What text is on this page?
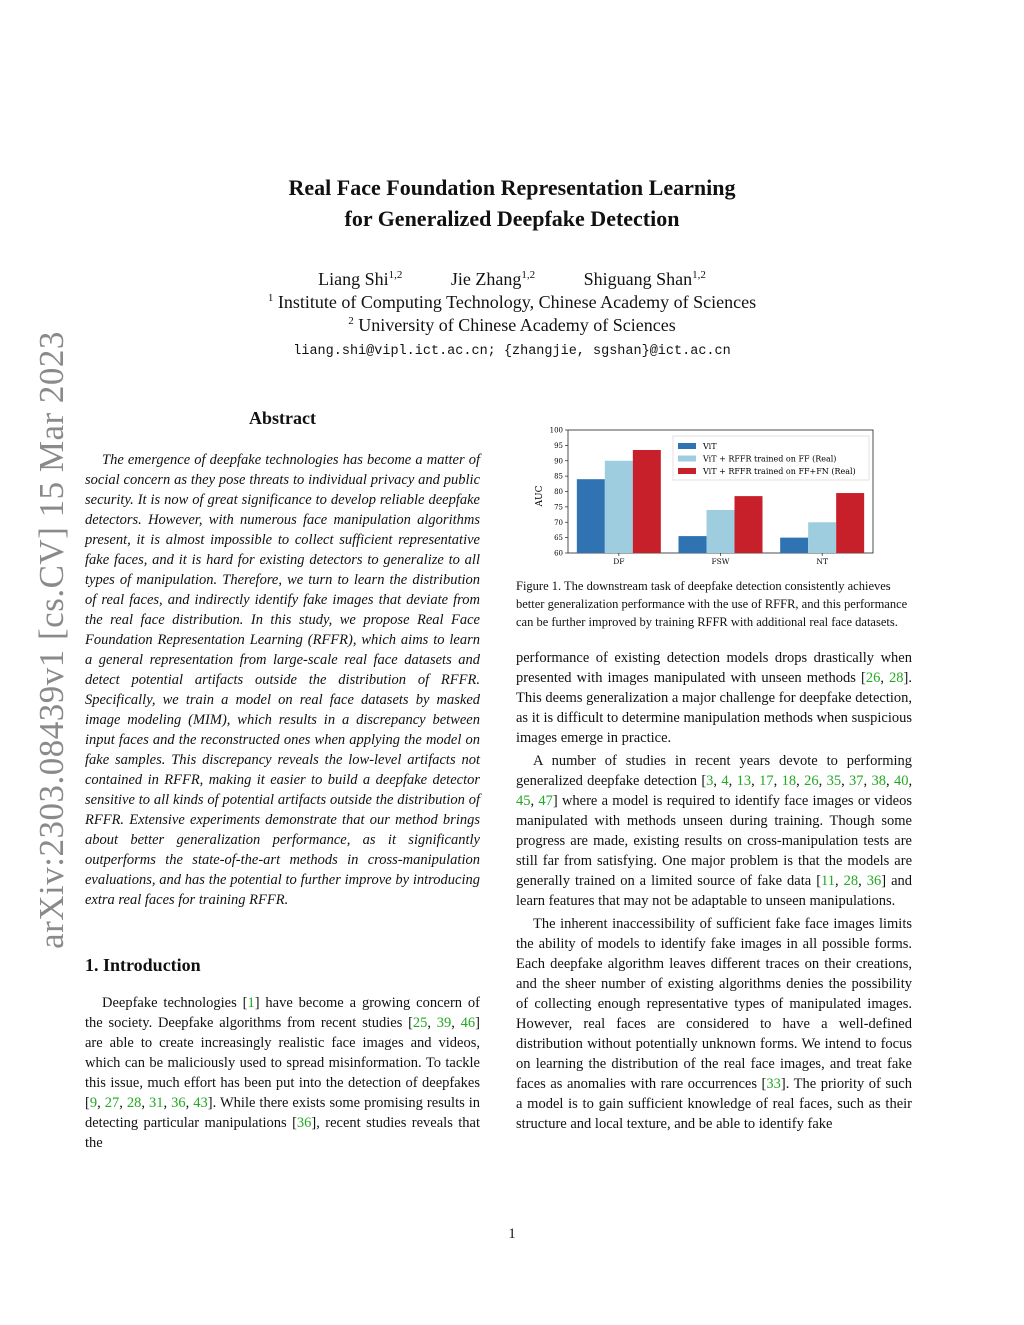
arXiv:2303.08439v1 [cs.CV] 15 Mar 2023
Real Face Foundation Representation Learning
for Generalized Deepfake Detection
Liang Shi$^{1,2}$	Jie Zhang$^{1,2}$	Shiguang Shan$^{1,2}$
$^1$ Institute of Computing Technology, Chinese Academy of Sciences
$^2$ University of Chinese Academy of Sciences
liang.shi@vipl.ict.ac.cn; {zhangjie, sgshan}@ict.ac.cn
Abstract

The emergence of deepfake technologies has become a matter of social concern as they pose threats to individual privacy and public security. It is now of great significance to develop reliable deepfake detectors. However, with numerous face manipulation algorithms present, it is almost impossible to collect sufficient representative fake faces, and it is hard for existing detectors to generalize to all types of manipulation. Therefore, we turn to learn the distribution of real faces, and indirectly identify fake images that deviate from the real face distribution. In this study, we propose Real Face Foundation Representation Learning (RFFR), which aims to learn a general representation from large-scale real face datasets and detect potential artifacts outside the distribution of RFFR. Specifically, we train a model on real face datasets by masked image modeling (MIM), which results in a discrepancy between input faces and the reconstructed ones when applying the model on fake samples. This discrepancy reveals the low-level artifacts not contained in RFFR, making it easier to build a deepfake detector sensitive to all kinds of potential artifacts outside the distribution of RFFR. Extensive experiments demonstrate that our method brings about better generalization performance, as it significantly outperforms the state-of-the-art methods in cross-manipulation evaluations, and has the potential to further improve by introducing extra real faces for training RFFR.

1. Introduction

Deepfake technologies [1] have become a growing concern of the society. Deepfake algorithms from recent studies [25, 39, 46] are able to create increasingly realistic face images and videos, which can be maliciously used to spread misinformation. To tackle this issue, much effort has been put into the detection of deepfakes [9, 27, 28, 31, 36, 43]. While there exists some promising results in detecting particular manipulations [36], recent studies reveals that the

60
65
70
75
80
85
90
95
100
DF	FSW	NT
ViT
ViT + RFFR trained on FF (Real)
ViT + RFFR trained on FF+FN (Real)
AUC

Figure 1. The downstream task of deepfake detection consistently achieves better generalization performance with the use of RFFR, and this performance can be further improved by training RFFR with additional real face datasets.

performance of existing detection models drops drastically when presented with images manipulated with unseen methods [26, 28]. This deems generalization a major challenge for deepfake detection, as it is difficult to determine manipulation methods when suspicious images emerge in practice.

A number of studies in recent years devote to performing generalized deepfake detection [3, 4, 13, 17, 18, 26, 35, 37, 38, 40, 45, 47] where a model is required to identify face images or videos manipulated with methods unseen during training. Though some progress are made, existing results on cross-manipulation tests are still far from satisfying. One major problem is that the models are generally trained on a limited source of fake data [11, 28, 36] and learn features that may not be adaptable to unseen manipulations.

The inherent inaccessibility of sufficient fake face images limits the ability of models to identify fake images in all possible forms. Each deepfake algorithm leaves different traces on their creations, and the sheer number of existing algorithms denies the possibility of collecting enough representative types of manipulated images. However, real faces are considered to have a well-defined distribution without potentially unknown forms. We intend to focus on learning the distribution of the real face images, and treat fake faces as anomalies with rare occurrences [33]. The priority of such a model is to gain sufficient knowledge of real faces, such as their structure and local texture, and be able to identify fake

1
